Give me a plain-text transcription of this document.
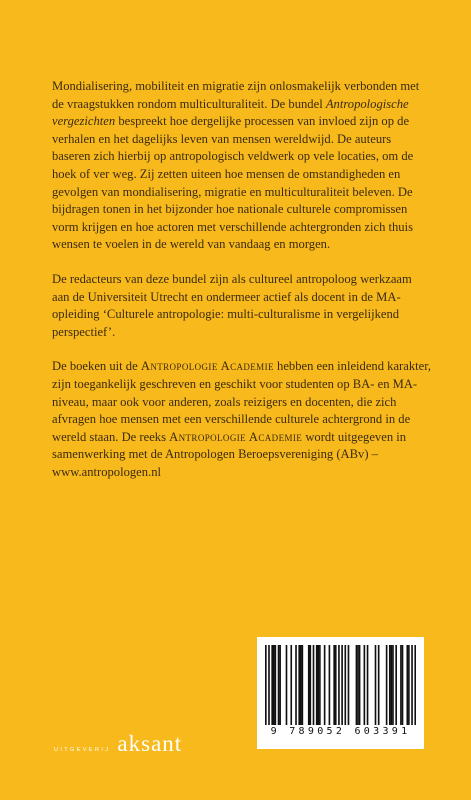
Mondialisering, mobiliteit en migratie zijn onlosmakelijk verbonden met de vraagstukken rondom multiculturaliteit. De bundel Antropologische vergezichten bespreekt hoe dergelijke processen van invloed zijn op de verhalen en het dagelijks leven van mensen wereldwijd. De auteurs baseren zich hierbij op antropologisch veldwerk op vele locaties, om de hoek of ver weg. Zij zetten uiteen hoe mensen de omstandigheden en gevolgen van mondialisering, migratie en multiculturaliteit beleven. De bijdragen tonen in het bijzonder hoe nationale culturele compromissen vorm krijgen en hoe actoren met verschillende achtergronden zich thuis wensen te voelen in de wereld van vandaag en morgen.

De redacteurs van deze bundel zijn als cultureel antropoloog werkzaam aan de Universiteit Utrecht en ondermeer actief als docent in de MA-opleiding ‘Culturele antropologie: multi-culturalisme in vergelijkend perspectief’.

De boeken uit de Antropologie Academie hebben een inleidend karakter, zijn toegankelijk geschreven en geschikt voor studenten op BA- en MA-niveau, maar ook voor anderen, zoals reizigers en docenten, die zich afvragen hoe mensen met een verschillende culturele achtergrond in de wereld staan. De reeks Antropologie Academie wordt uitgegeven in samenwerking met de Antropologen Beroepsvereniging (ABv) – www.antropologen.nl

UITGEVERIJ aksant	9 789052 603391
